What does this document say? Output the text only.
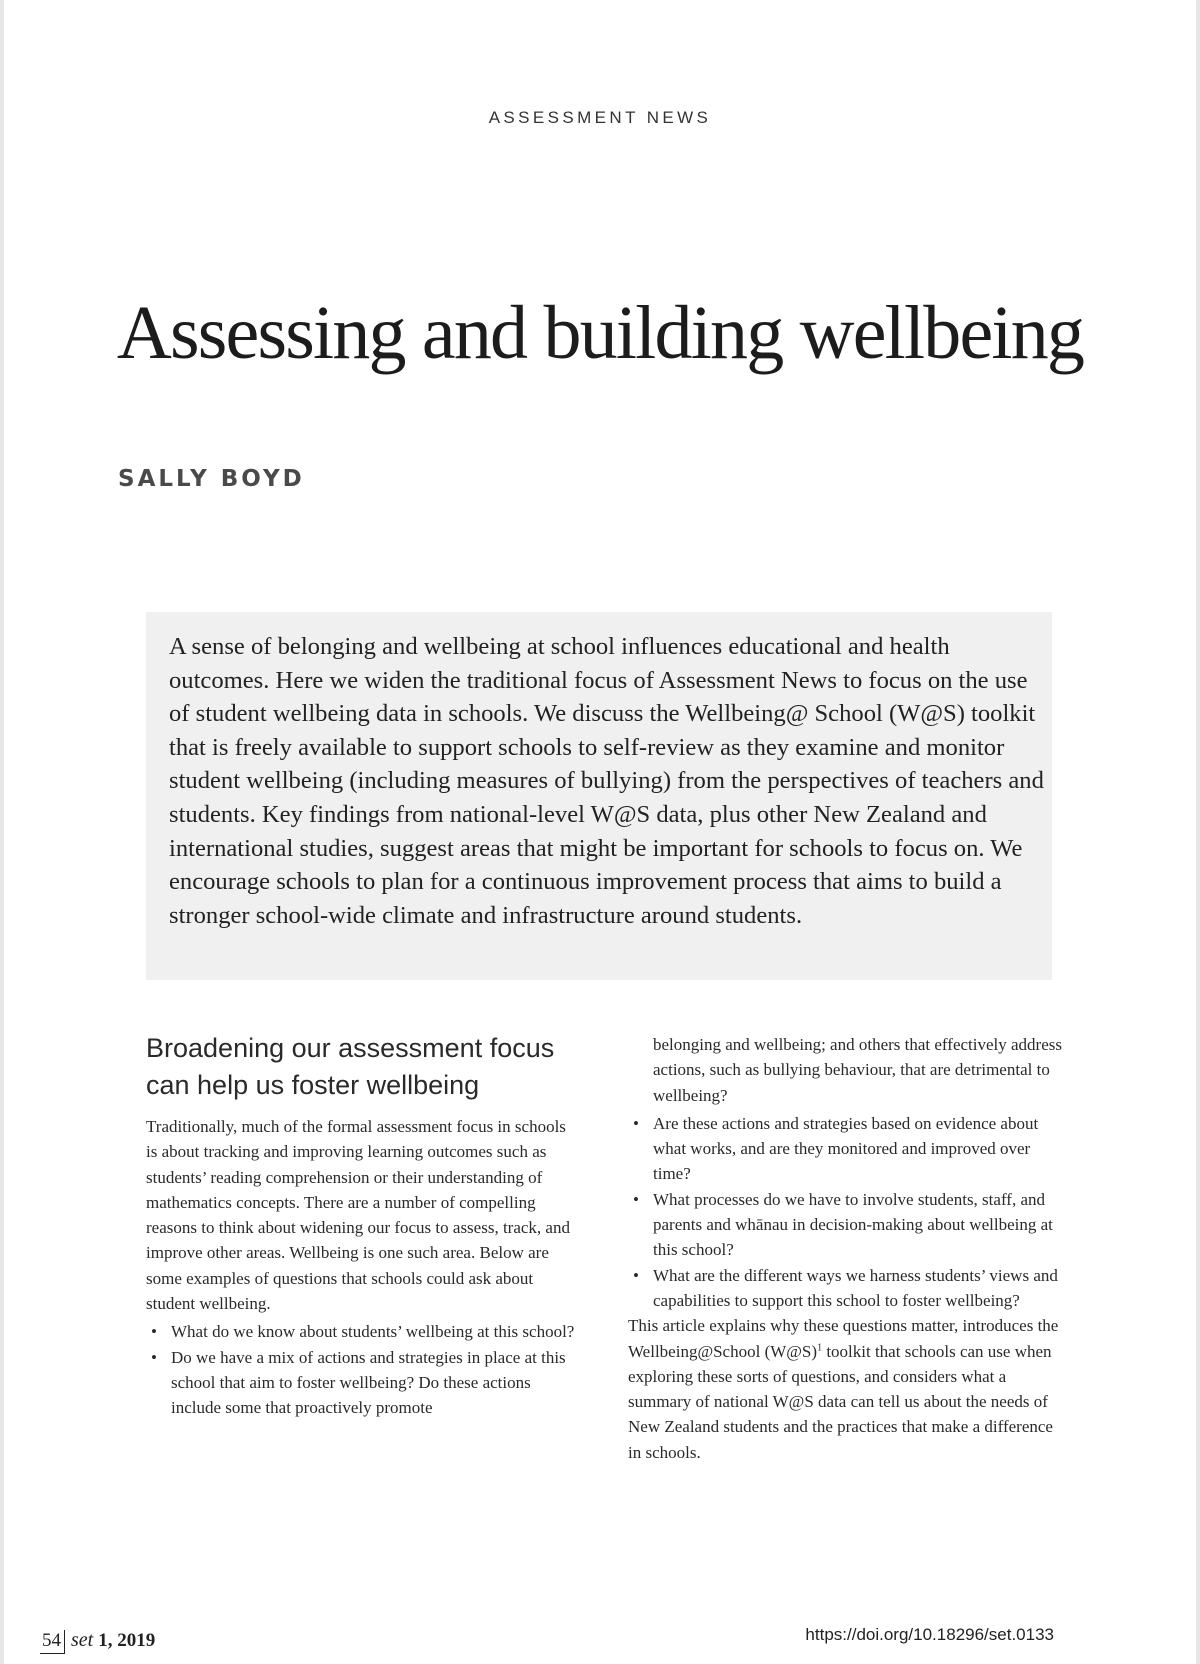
ASSESSMENT NEWS
Assessing and building wellbeing
SALLY BOYD

A sense of belonging and wellbeing at school influences educational and health outcomes. Here we widen the traditional focus of Assessment News to focus on the use of student wellbeing data in schools. We discuss the Wellbeing@ School (W@S) toolkit that is freely available to support schools to self-review as they examine and monitor student wellbeing (including measures of bullying) from the perspectives of teachers and students. Key findings from national-level W@S data, plus other New Zealand and international studies, suggest areas that might be important for schools to focus on. We encourage schools to plan for a continuous improvement process that aims to build a stronger school-wide climate and infrastructure around students.

Broadening our assessment focus can help us foster wellbeing

Traditionally, much of the formal assessment focus in schools is about tracking and improving learning outcomes such as students’ reading comprehension or their understanding of mathematics concepts. There are a number of compelling reasons to think about widening our focus to assess, track, and improve other areas. Wellbeing is one such area. Below are some examples of questions that schools could ask about student wellbeing.

• What do we know about students’ wellbeing at this school?
• Do we have a mix of actions and strategies in place at this school that aim to foster wellbeing? Do these actions include some that proactively promote
belonging and wellbeing; and others that effectively address actions, such as bullying behaviour, that are detrimental to wellbeing?
• Are these actions and strategies based on evidence about what works, and are they monitored and improved over time?
• What processes do we have to involve students, staff, and parents and whānau in decision-making about wellbeing at this school?
• What are the different ways we harness students’ views and capabilities to support this school to foster wellbeing?

This article explains why these questions matter, introduces the Wellbeing@School (W@S)$^1$ toolkit that schools can use when exploring these sorts of questions, and considers what a summary of national W@S data can tell us about the needs of New Zealand students and the practices that make a difference in schools.

54 set 1, 2019	https://doi.org/10.18296/set.0133
